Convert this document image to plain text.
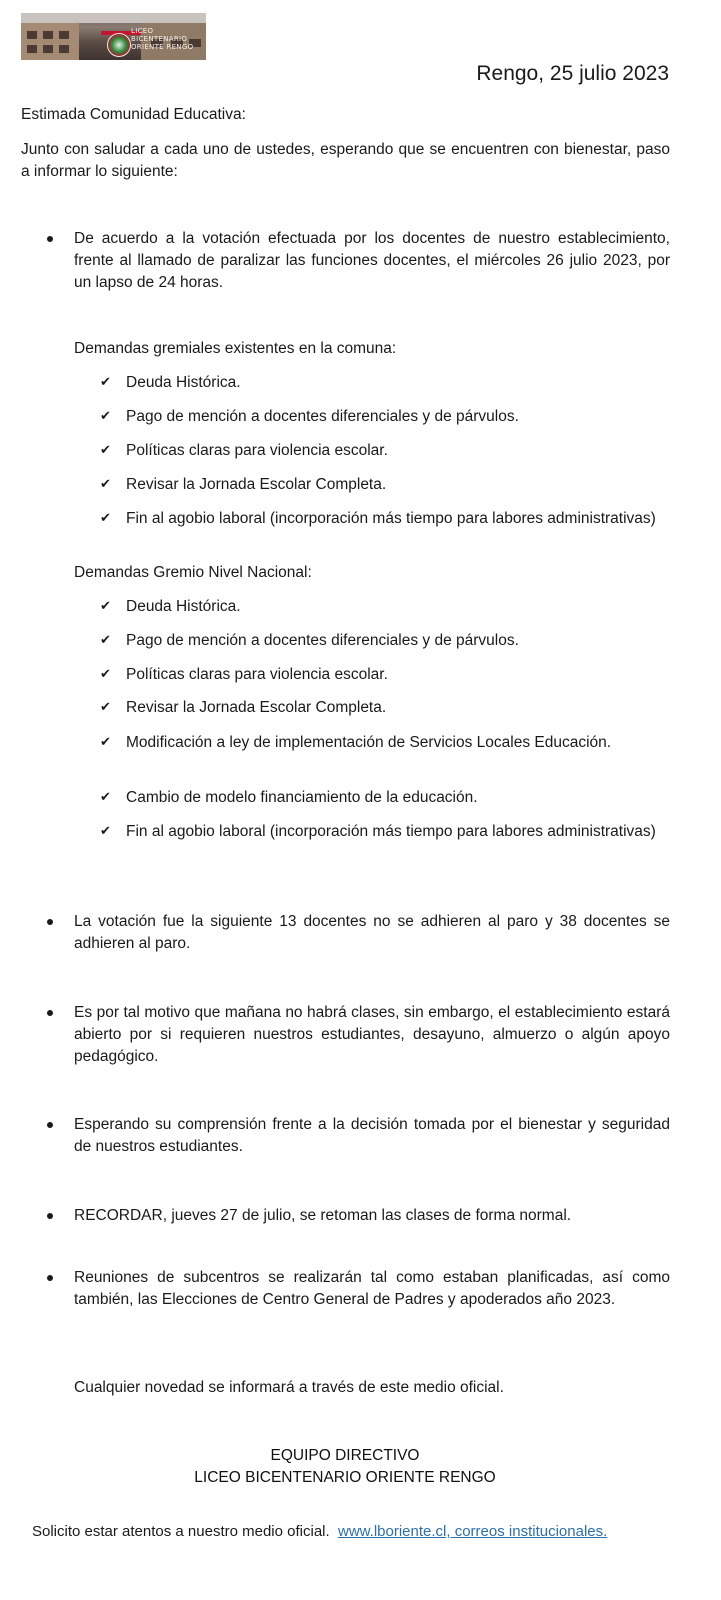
LICEO BICENTENARIO
ORIENTE RENGO
Rengo, 25 julio 2023
Estimada Comunidad Educativa:
Junto con saludar a cada uno de ustedes, esperando que se encuentren con bienestar, paso a informar lo siguiente:
De acuerdo a la votación efectuada por los docentes de nuestro establecimiento, frente al llamado de paralizar las funciones docentes, el miércoles 26 julio 2023, por un lapso de 24 horas.
Demandas gremiales existentes en la comuna:
✔ Deuda Histórica.
✔ Pago de mención a docentes diferenciales y de párvulos.
✔ Políticas claras para violencia escolar.
✔ Revisar la Jornada Escolar Completa.
✔ Fin al agobio laboral (incorporación más tiempo para labores administrativas)
Demandas Gremio Nivel Nacional:
✔ Deuda Histórica.
✔ Pago de mención a docentes diferenciales y de párvulos.
✔ Políticas claras para violencia escolar.
✔ Revisar la Jornada Escolar Completa.
✔ Modificación a ley de implementación de Servicios Locales Educación.
✔ Cambio de modelo financiamiento de la educación.
✔ Fin al agobio laboral (incorporación más tiempo para labores administrativas)
La votación fue la siguiente 13 docentes no se adhieren al paro y 38 docentes se adhieren al paro.
Es por tal motivo que mañana no habrá clases, sin embargo, el establecimiento estará abierto por si requieren nuestros estudiantes, desayuno, almuerzo o algún apoyo pedagógico.
Esperando su comprensión frente a la decisión tomada por el bienestar y seguridad de nuestros estudiantes.
RECORDAR, jueves 27 de julio, se retoman las clases de forma normal.
Reuniones de subcentros se realizarán tal como estaban planificadas, así como también, las Elecciones de Centro General de Padres y apoderados año 2023.
Cualquier novedad se informará a través de este medio oficial.
EQUIPO DIRECTIVO
LICEO BICENTENARIO ORIENTE RENGO
Solicito estar atentos a nuestro medio oficial. www.lboriente.cl, correos institucionales.
